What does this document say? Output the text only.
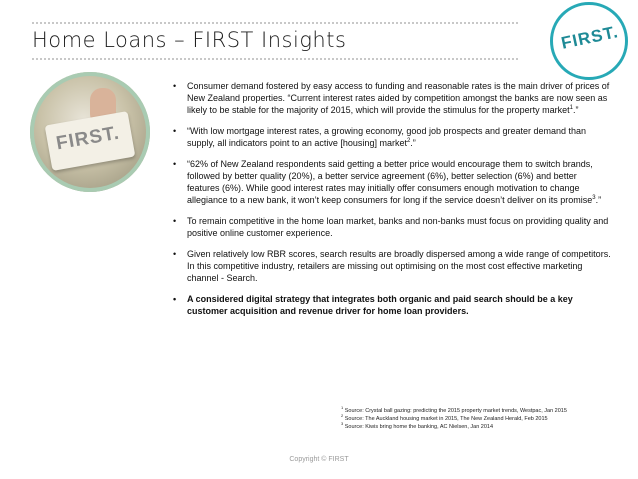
Home Loans – FIRST Insights	FIRST.
FIRST.
• Consumer demand fostered by easy access to funding and reasonable rates is the main driver of prices of New Zealand properties. “Current interest rates aided by competition amongst the banks are now seen as likely to be stable for the majority of 2015, which will provide the stimulus for the property market$^1$.”
• “With low mortgage interest rates, a growing economy, good job prospects and greater demand than supply, all indicators point to an active [housing] market$^2$.”
• “62% of New Zealand respondents said getting a better price would encourage them to switch brands, followed by better quality (20%), a better service agreement (6%), better selection (6%) and better features (6%). While good interest rates may initially offer consumers enough motivation to change allegiance to a new bank, it won’t keep consumers for long if the service doesn’t deliver on its promise$^3$.”
• To remain competitive in the home loan market, banks and non-banks must focus on providing quality and positive online customer experience.
• Given relatively low RBR scores, search results are broadly dispersed among a wide range of competitors. In this competitive industry, retailers are missing out optimising on the most cost effective marketing channel - Search.
• A considered digital strategy that integrates both organic and paid search should be a key customer acquisition and revenue driver for home loan providers.
$^1$ Source: Crystal ball gazing: predicting the 2015 property market trends, Westpac, Jan 2015
$^2$ Source: The Auckland housing market in 2015, The New Zealand Herald, Feb 2015
$^3$ Source: Kiwis bring home the banking, AC Nielsen, Jan 2014
Copyright © FIRST
